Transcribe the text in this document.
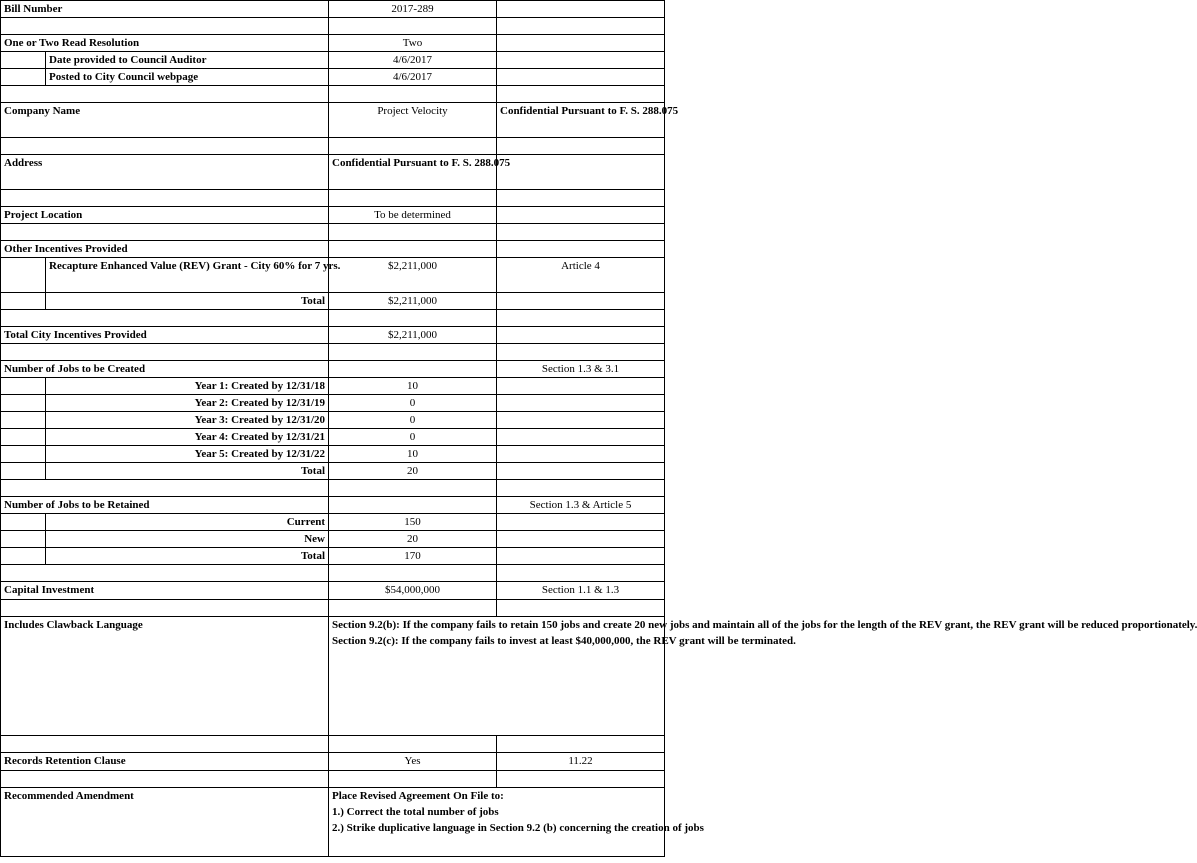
Bill Number		2017-289	

One or Two Read Resolution		Two	
	Date provided to Council Auditor	4/6/2017	
	Posted to City Council webpage	4/6/2017	

Company Name		Project Velocity	Confidential Pursuant to F. S. 288.075

Address		Confidential Pursuant to F. S. 288.075	

Project Location		To be determined	

Other Incentives Provided			
	Recapture Enhanced Value (REV) Grant - City 60% for 7 yrs.	$2,211,000	Article 4
	Total	$2,211,000	

Total City Incentives Provided		$2,211,000	

Number of Jobs to be Created			Section 1.3 & 3.1
	Year 1: Created by 12/31/18	10	
	Year 2: Created by 12/31/19	0	
	Year 3: Created by 12/31/20	0	
	Year 4: Created by 12/31/21	0	
	Year 5: Created by 12/31/22	10	
	Total	20	

Number of Jobs to be Retained			Section 1.3 & Article 5
	Current	150	
	New	20	
	Total	170	

Capital Investment		$54,000,000	Section 1.1 & 1.3

Includes Clawback Language		Section 9.2(b): If the company fails to retain 150 jobs and create 20 new jobs and maintain all of the jobs for the length of the REV grant, the REV grant will be reduced proportionately.

Section 9.2(c): If the company fails to invest at least $40,000,000, the REV grant will be terminated.	

Records Retention Clause		Yes	11.22

Recommended Amendment		Place Revised Agreement On File to:

1.) Correct the total number of jobs

2.) Strike duplicative language in Section 9.2 (b) concerning the creation of jobs	
